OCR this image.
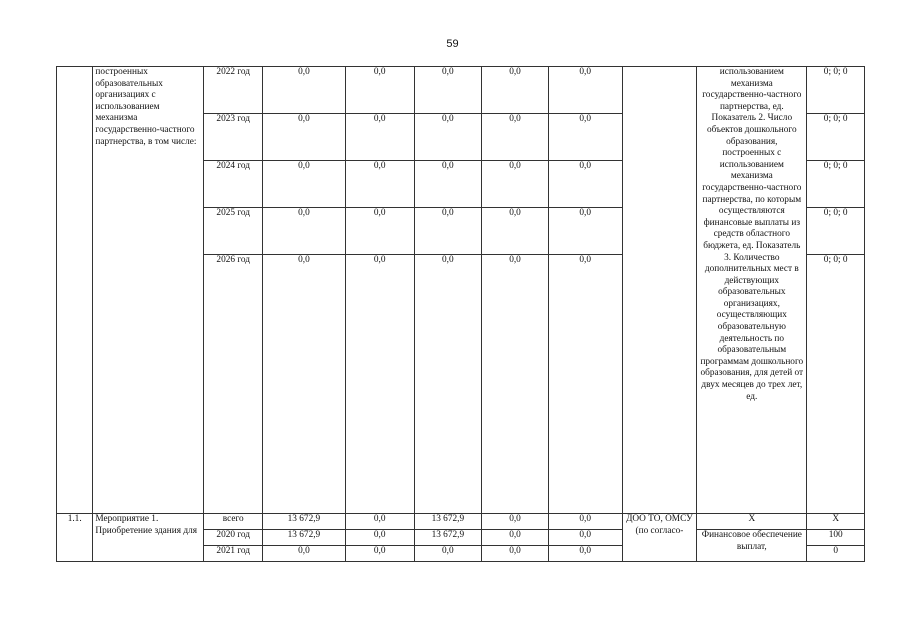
59
	построенных образовательных организациях с использованием механизма государственно-частного партнерства, в том числе:	2022 год	0,0	0,0	0,0	0,0	0,0		использованием механизма государственно-частного партнерства, ед. Показатель 2. Число объектов дошкольного образования, построенных с использованием механизма государственно-частного партнерства, по которым осуществляются финансовые выплаты из средств областного бюджета, ед. Показатель 3. Количество дополнительных мест в действующих образовательных организациях, осуществляющих образовательную деятельность по образовательным программам дошкольного образования, для детей от двух месяцев до трех лет, ед.	0; 0; 0
		2023 год	0,0	0,0	0,0	0,0	0,0			0; 0; 0
		2024 год	0,0	0,0	0,0	0,0	0,0			0; 0; 0
		2025 год	0,0	0,0	0,0	0,0	0,0			0; 0; 0
		2026 год	0,0	0,0	0,0	0,0	0,0			0; 0; 0
1.1.	Мероприятие 1. Приобретение здания для	всего	13 672,9	0,0	13 672,9	0,0	0,0	ДОО ТО, ОМСУ (по согласо-	Х	Х
		2020 год	13 672,9	0,0	13 672,9	0,0	0,0		Финансовое обеспечение выплат,	100
		2021 год	0,0	0,0	0,0	0,0	0,0			0
